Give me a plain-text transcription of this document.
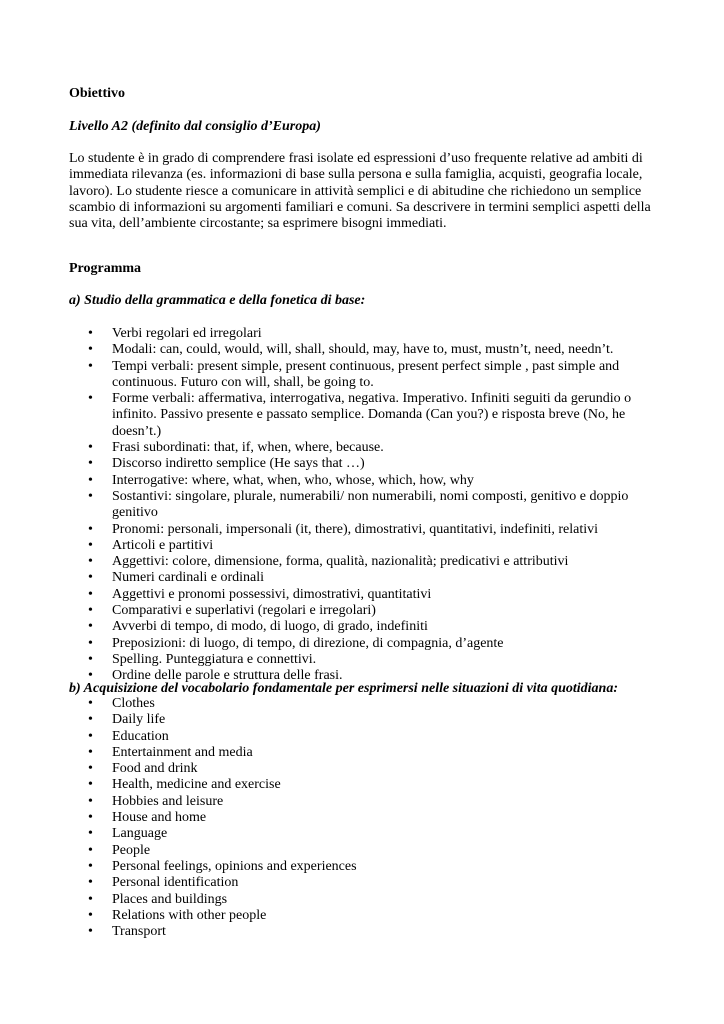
Obiettivo

Livello A2 (definito dal consiglio d’Europa)

Lo studente è in grado di comprendere frasi isolate ed espressioni d’uso frequente relative ad ambiti di immediata rilevanza (es. informazioni di base sulla persona e sulla famiglia, acquisti, geografia locale, lavoro). Lo studente riesce a comunicare in attività semplici e di abitudine che richiedono un semplice scambio di informazioni su argomenti familiari e comuni. Sa descrivere in termini semplici aspetti della sua vita, dell’ambiente circostante; sa esprimere bisogni immediati.

Programma

a) Studio della grammatica e della fonetica di base:

• Verbi regolari ed irregolari
• Modali: can, could, would, will, shall, should, may, have to, must, mustn’t, need, needn’t.
• Tempi verbali: present simple, present continuous, present perfect simple , past simple and continuous. Futuro con will, shall, be going to.
• Forme verbali: affermativa, interrogativa, negativa. Imperativo. Infiniti seguiti da gerundio o infinito. Passivo presente e passato semplice. Domanda (Can you?) e risposta breve (No, he doesn’t.)
• Frasi subordinati: that, if, when, where, because.
• Discorso indiretto semplice (He says that …)
• Interrogative: where, what, when, who, whose, which, how, why
• Sostantivi: singolare, plurale, numerabili/ non numerabili, nomi composti, genitivo e doppio genitivo
• Pronomi: personali, impersonali (it, there), dimostrativi, quantitativi, indefiniti, relativi
• Articoli e partitivi
• Aggettivi: colore, dimensione, forma, qualità, nazionalità; predicativi e attributivi
• Numeri cardinali e ordinali
• Aggettivi e pronomi possessivi, dimostrativi, quantitativi
• Comparativi e superlativi (regolari e irregolari)
• Avverbi di tempo, di modo, di luogo, di grado, indefiniti
• Preposizioni: di luogo, di tempo, di direzione, di compagnia, d’agente
• Spelling. Punteggiatura e connettivi.
• Ordine delle parole e struttura delle frasi.

b) Acquisizione del vocabolario fondamentale per esprimersi nelle situazioni di vita quotidiana:

• Clothes
• Daily life
• Education
• Entertainment and media
• Food and drink
• Health, medicine and exercise
• Hobbies and leisure
• House and home
• Language
• People
• Personal feelings, opinions and experiences
• Personal identification
• Places and buildings
• Relations with other people
• Transport
